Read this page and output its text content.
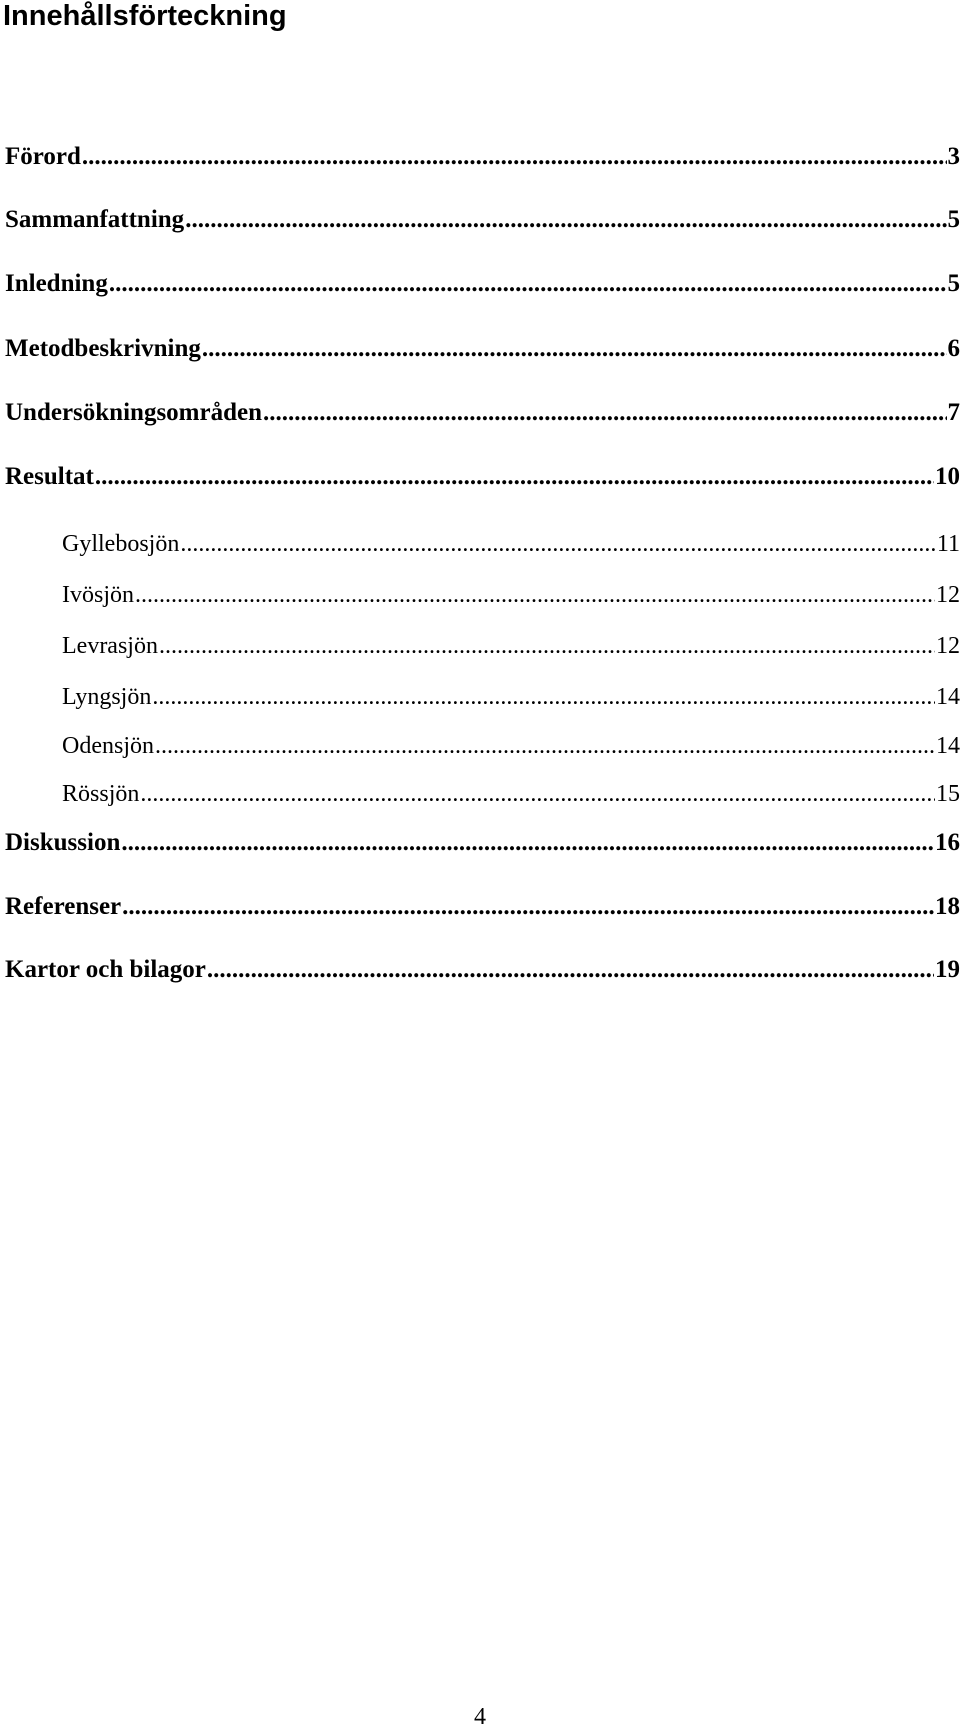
Innehållsförteckning
Förord .....	3
Sammanfattning .....	5
Inledning .....	5
Metodbeskrivning .....	6
Undersökningsområden .....	7
Resultat .....	10
Gyllebosjön .....	11
Ivösjön .....	12
Levrasjön .....	12
Lyngsjön .....	14
Odensjön .....	14
Rössjön .....	15
Diskussion .....	16
Referenser .....	18
Kartor och bilagor .....	19

4
